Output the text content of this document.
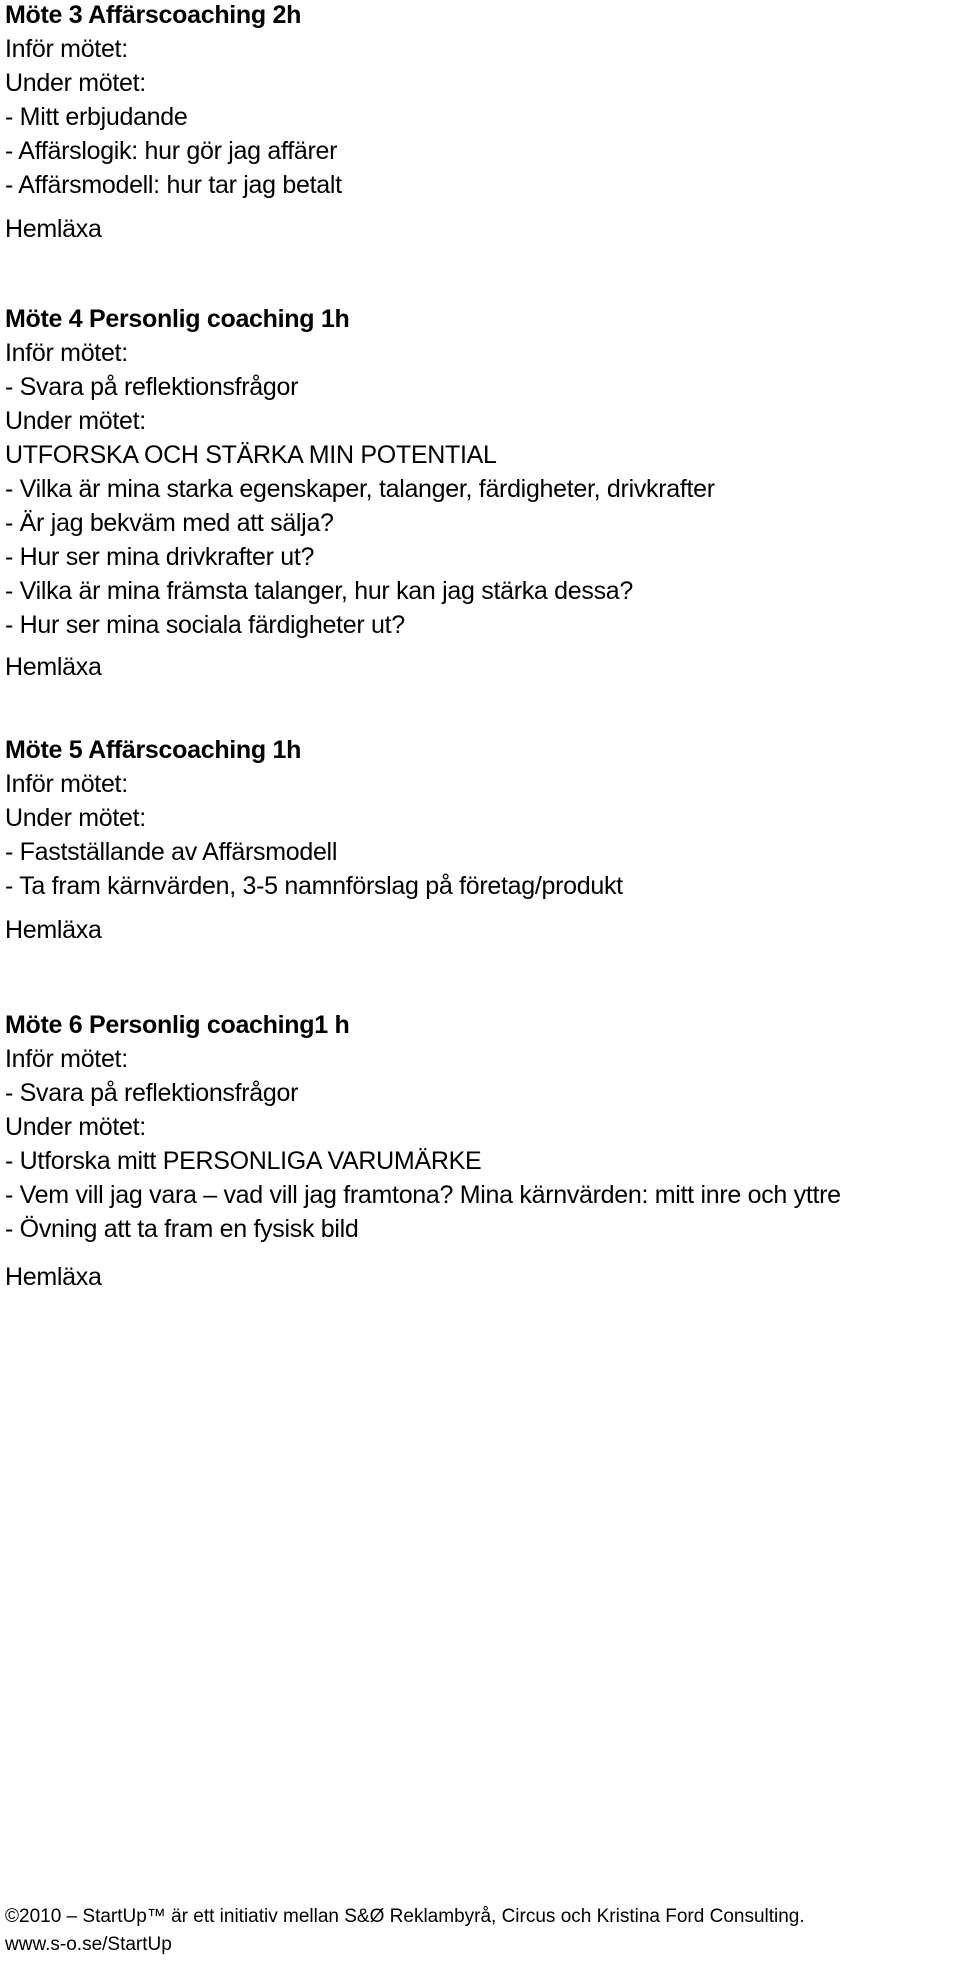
Möte 3 Affärscoaching 2h
Inför mötet:
Under mötet:
- Mitt erbjudande
- Affärslogik: hur gör jag affärer
- Affärsmodell: hur tar jag betalt
Hemläxa
Möte 4 Personlig coaching 1h
Inför mötet:
- Svara på reflektionsfrågor
Under mötet:
UTFORSKA OCH STÄRKA MIN POTENTIAL
- Vilka är mina starka egenskaper, talanger, färdigheter, drivkrafter
- Är jag bekväm med att sälja?
- Hur ser mina drivkrafter ut?
- Vilka är mina främsta talanger, hur kan jag stärka dessa?
- Hur ser mina sociala färdigheter ut?
Hemläxa
Möte 5 Affärscoaching 1h
Inför mötet:
Under mötet:
- Fastställande av Affärsmodell
- Ta fram kärnvärden, 3-5 namnförslag på företag/produkt
Hemläxa
Möte 6 Personlig coaching1 h
Inför mötet:
- Svara på reflektionsfrågor
Under mötet:
- Utforska mitt PERSONLIGA VARUMÄRKE
- Vem vill jag vara – vad vill jag framtona? Mina kärnvärden: mitt inre och yttre
- Övning att ta fram en fysisk bild
Hemläxa
©2010 – StartUp™ är ett initiativ mellan S&Ø Reklambyrå, Circus och Kristina Ford Consulting.
www.s-o.se/StartUp
